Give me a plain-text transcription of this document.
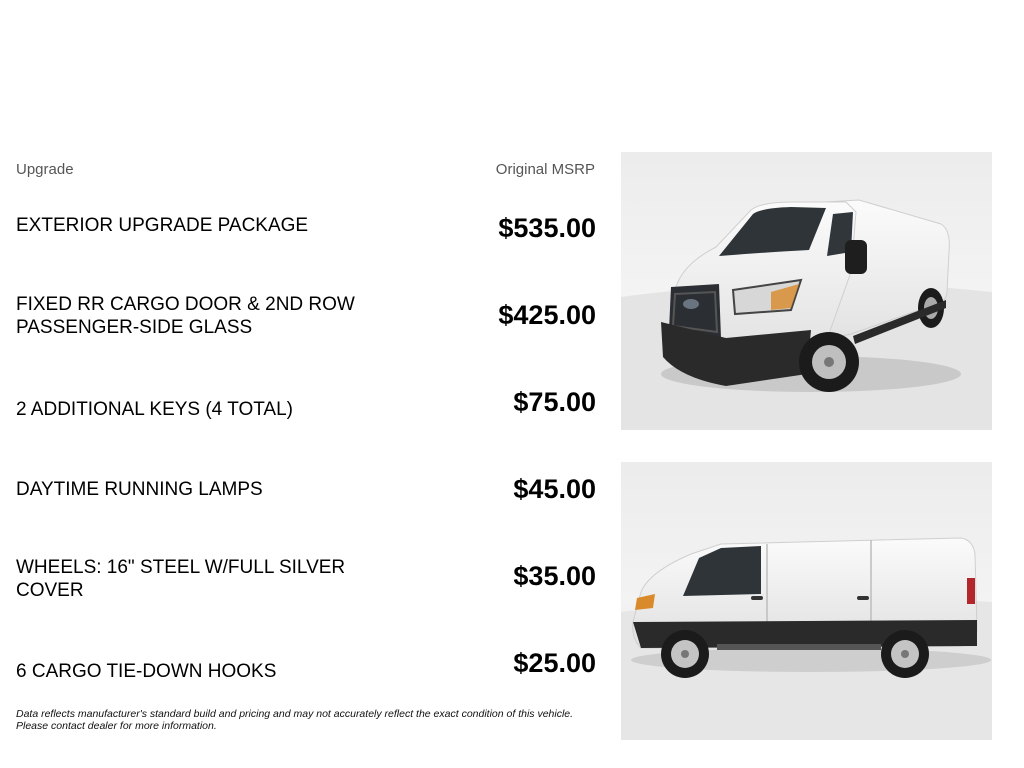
Upgrade	Original MSRP
EXTERIOR UPGRADE PACKAGE	$535.00
FIXED RR CARGO DOOR & 2ND ROW PASSENGER-SIDE GLASS	$425.00
2 ADDITIONAL KEYS (4 TOTAL)	$75.00
DAYTIME RUNNING LAMPS	$45.00
WHEELS: 16" STEEL W/FULL SILVER COVER	$35.00
6 CARGO TIE-DOWN HOOKS	$25.00
Data reflects manufacturer's standard build and pricing and may not accurately reflect the exact condition of this vehicle.
Please contact dealer for more information.
